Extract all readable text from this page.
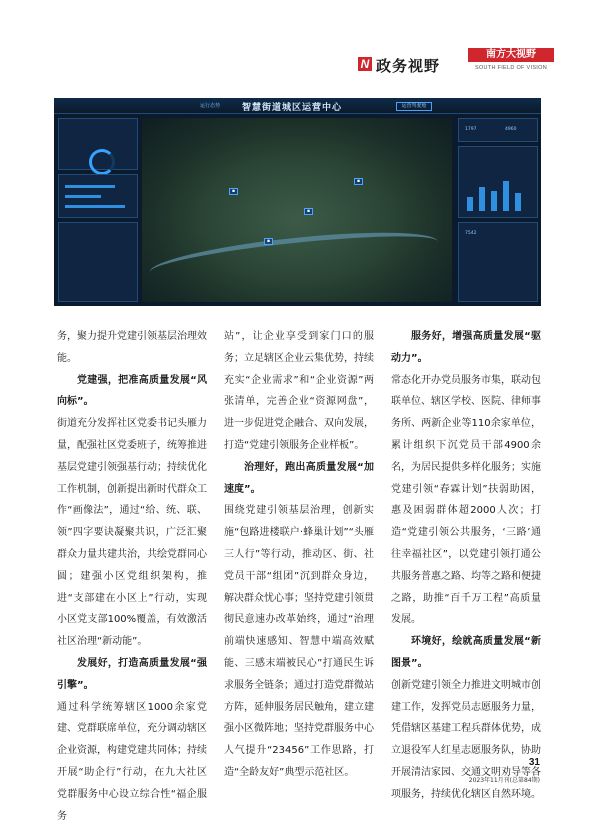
N 政务视野
南方大视野
SOUTH FIELD OF VISION
运行态势 智慧街道城区运营中心	运营驾驶舱
1797	4960
7542
▪
▪
▪
▪

务，聚力提升党建引领基层治理效能。

党建强，把准高质量发展“风向标”。

街道充分发挥社区党委书记头雁力量，配强社区党委班子，统筹推进基层党建引领强基行动；持续优化工作机制，创新提出新时代群众工作“画像法”，通过“给、统、联、领”四字要诀凝聚共识，广泛汇聚群众力量共建共治，共绘党群同心圆；建强小区党组织架构，推进“支部建在小区上”行动，实现小区党支部100%覆盖，有效激活社区治理“新动能”。

发展好，打造高质量发展“强引擎”。

通过科学统筹辖区1000余家党建、党群联席单位，充分调动辖区企业资源，构建党建共同体；持续开展“助企行”行动，在九大社区党群服务中心设立综合性“福企服务

站”，让企业享受到家门口的服务；立足辖区企业云集优势，持续充实“企业需求”和“企业资源”两张清单，完善企业“资源网盘”，进一步促进党企融合、双向发展，打造“党建引领服务企业样板”。

治理好，跑出高质量发展“加速度”。

围绕党建引领基层治理，创新实施“包路进楼联户·蜂巢计划”“头雁三人行”等行动，推动区、街、社党员干部“组团”沉到群众身边，解决群众忧心事；坚持党建引领贯彻民意速办改革始终，通过“治理前端快速感知、智慧中端高效赋能、三感末端被民心”打通民生诉求服务全链条；通过打造党群微站方阵，延伸服务居民触角，建立建强小区微阵地；坚持党群服务中心人气提升“23456”工作思路，打造“全龄友好”典型示范社区。

服务好，增强高质量发展“驱动力”。

常态化开办党员服务市集，联动包联单位、辖区学校、医院、律师事务所、两新企业等110余家单位，累计组织下沉党员干部4900余名，为居民提供多样化服务；实施党建引领“春霖计划”扶弱助困，惠及困弱群体超2000人次；打造“党建引领公共服务，‘三路’通往幸福社区”，以党建引领打通公共服务普惠之路、均等之路和便捷之路，助推“百千万工程”高质量发展。

环境好，绘就高质量发展“新图景”。

创新党建引领全力推进文明城市创建工作，发挥党员志愿服务力量，凭借辖区基建工程兵群体优势，成立退役军人红星志愿服务队，协助开展清洁家园、交通文明劝导等各项服务，持续优化辖区自然环境。

31
2023年11月刊(总第84期)
